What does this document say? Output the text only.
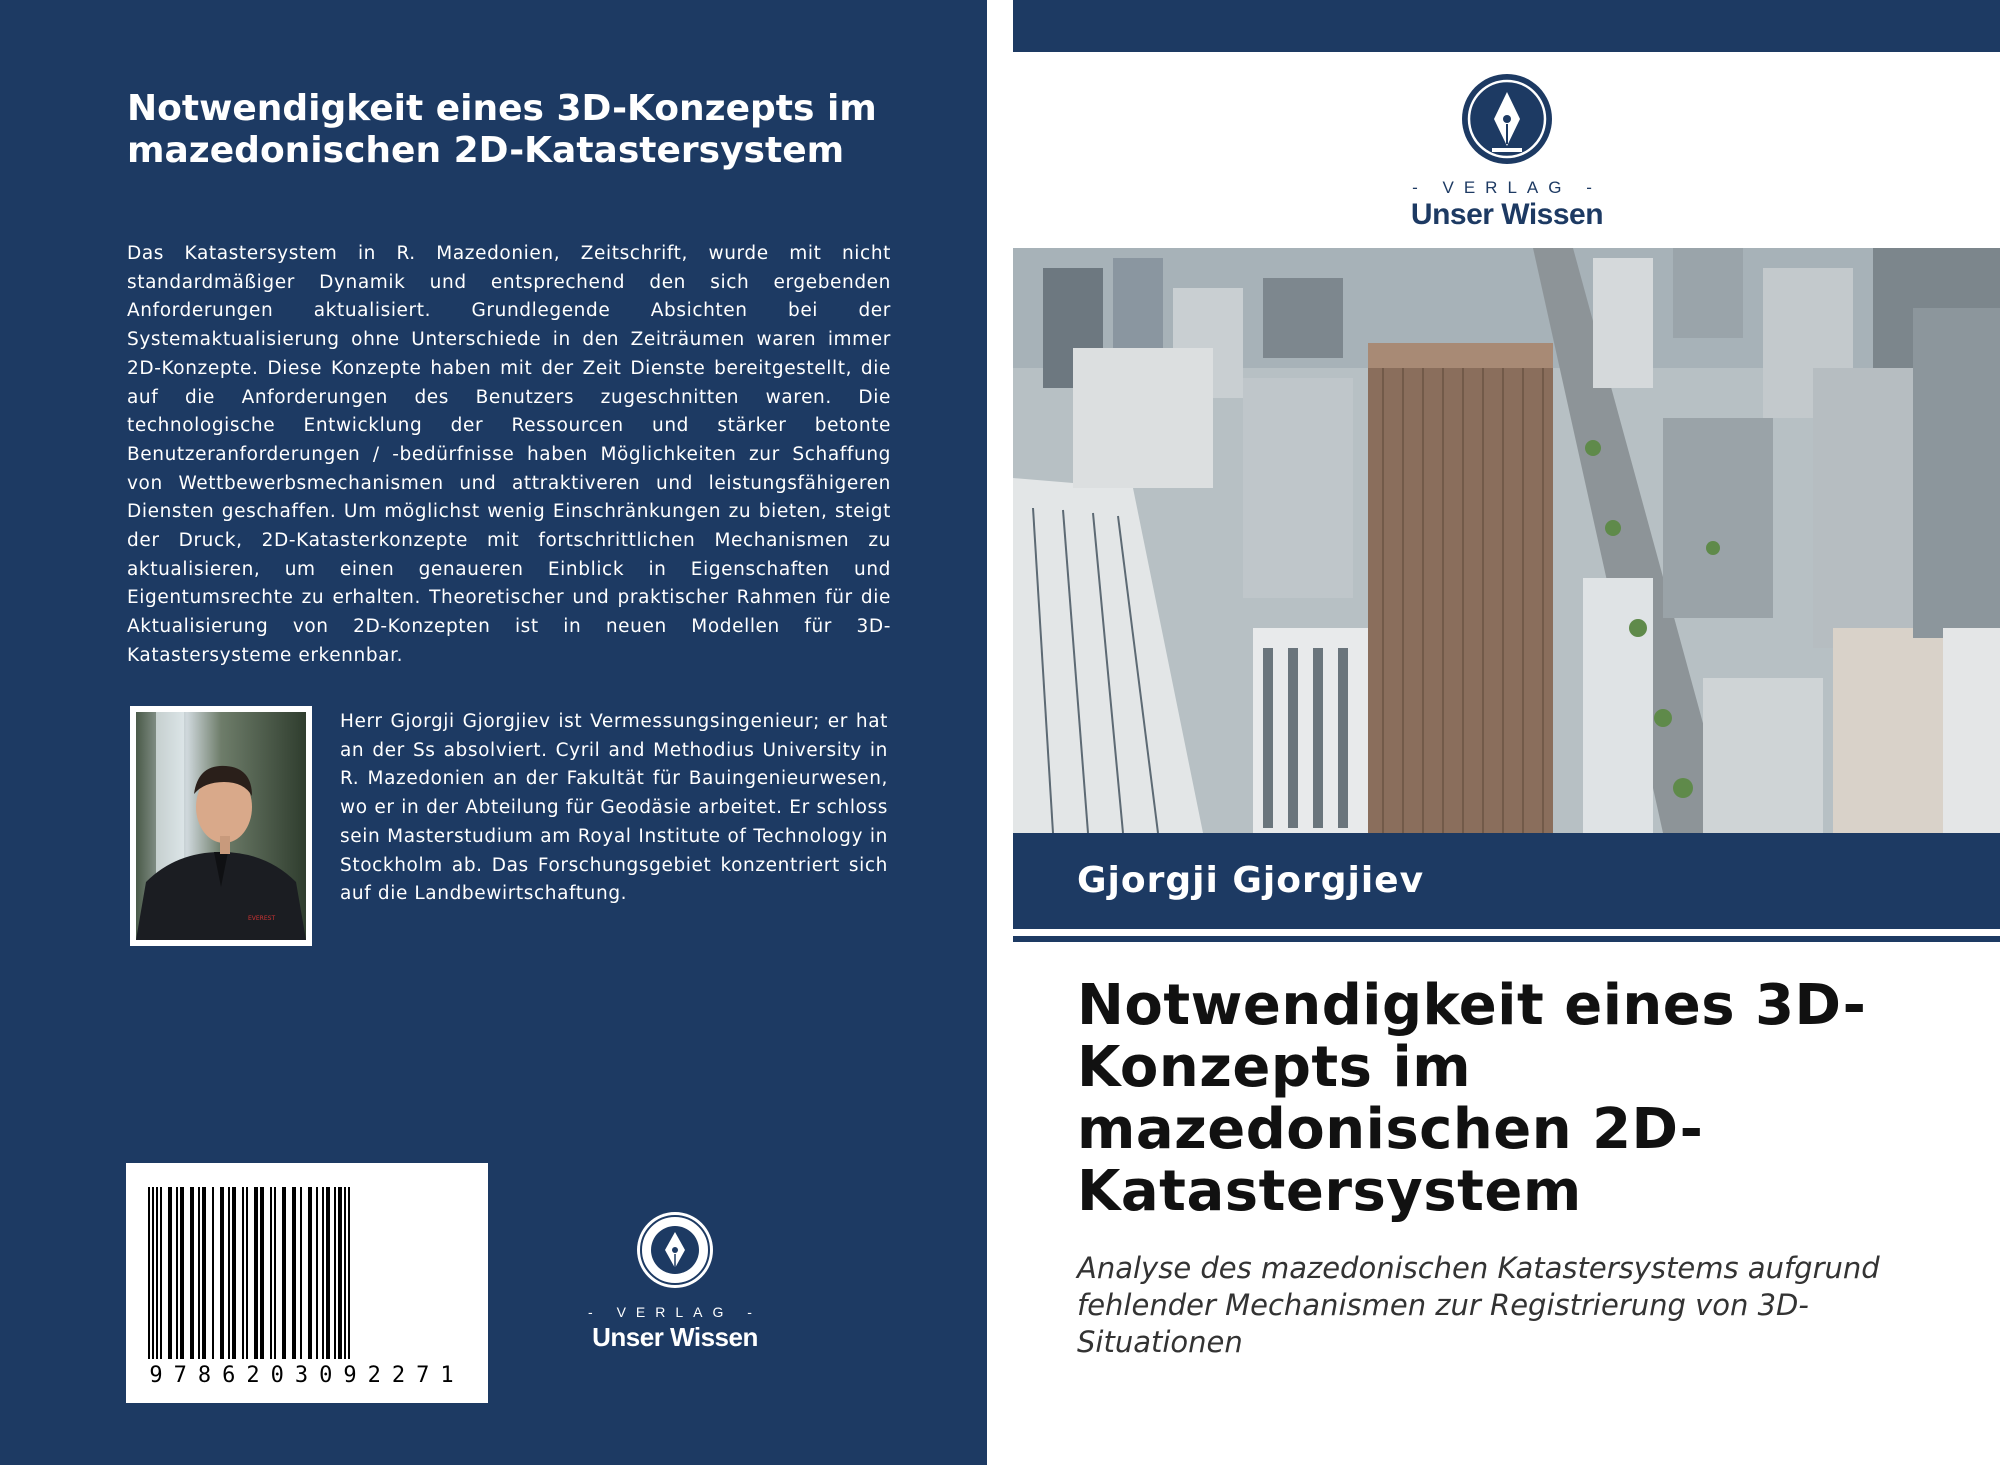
Notwendigkeit eines 3D-Konzepts im mazedonischen 2D-Katastersystem

Das Katastersystem in R. Mazedonien, Zeitschrift, wurde mit nicht standardmäßiger Dynamik und entsprechend den sich ergebenden Anforderungen aktualisiert. Grundlegende Absichten bei der Systemaktualisierung ohne Unterschiede in den Zeiträumen waren immer 2D-Konzepte. Diese Konzepte haben mit der Zeit Dienste bereitgestellt, die auf die Anforderungen des Benutzers zugeschnitten waren. Die technologische Entwicklung der Ressourcen und stärker betonte Benutzeranforderungen / -bedürfnisse haben Möglichkeiten zur Schaffung von Wettbewerbsmechanismen und attraktiveren und leistungsfähigeren Diensten geschaffen. Um möglichst wenig Einschränkungen zu bieten, steigt der Druck, 2D-Katasterkonzepte mit fortschrittlichen Mechanismen zu aktualisieren, um einen genaueren Einblick in Eigenschaften und Eigentumsrechte zu erhalten. Theoretischer und praktischer Rahmen für die Aktualisierung von 2D-Konzepten ist in neuen Modellen für 3D-Katastersysteme erkennbar.

EVEREST

Herr Gjorgji Gjorgjiev ist Vermessungsingenieur; er hat an der Ss absolviert. Cyril and Methodius University in R. Mazedonien an der Fakultät für Bauingenieurwesen, wo er in der Abteilung für Geodäsie arbeitet. Er schloss sein Masterstudium am Royal Institute of Technology in Stockholm ab. Das Forschungsgebiet konzentriert sich auf die Landbewirtschaftung.

9786203092271
- VERLAG -
Unser Wissen
- VERLAG -
Unser Wissen
Gjorgji Gjorgjiev
Notwendigkeit eines 3D-Konzepts im mazedonischen 2D-Katastersystem

Analyse des mazedonischen Katastersystems aufgrund fehlender Mechanismen zur Registrierung von 3D-Situationen
